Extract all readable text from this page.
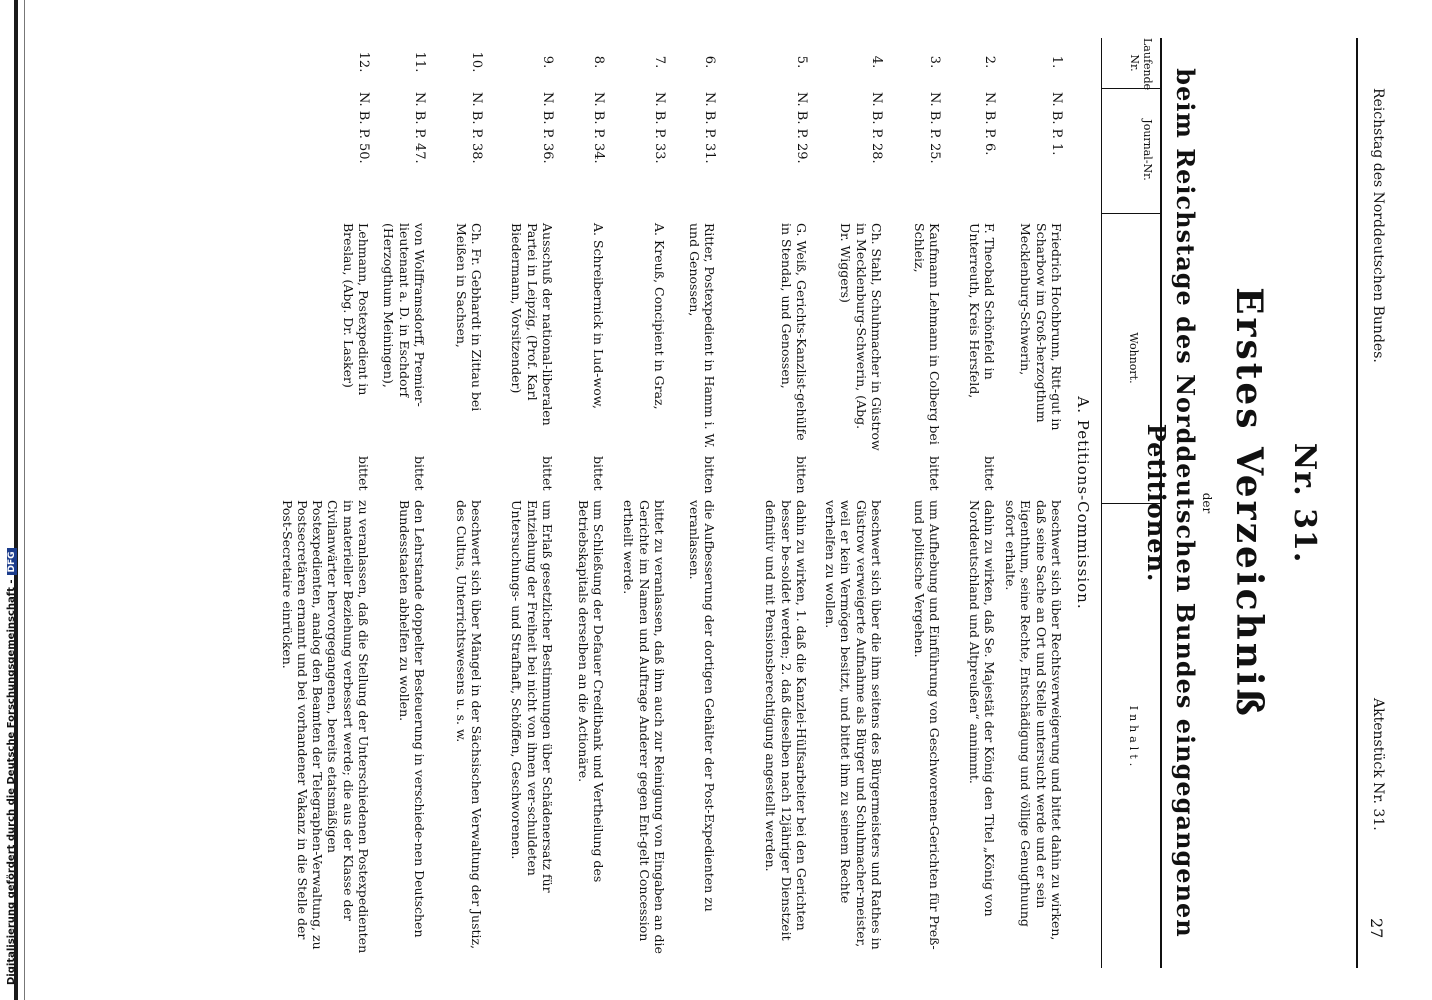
Digitalisierung gefördert durch die Deutsche Forschungsgemeinschaft -DFG
Reichstag des Norddeutschen Bundes.
Aktenstück Nr. 31.
27
Nr. 31.
Erstes Verzeichniß
der
beim Reichstage des Norddeutschen Bundes eingegangenen Petitionen.
Laufende Nr.
Journal-Nr.
Wohnort.
Inhalt.
A. Petitions-Commission.
1.
N. B. P. 1.
Friedrich Hochbrunn, Ritt-gut in Scharbow im Groß-herzogthum Mecklenburg-Schwerin,
beschwert sich über Rechtsverweigerung und bittet dahin zu wirken, daß seine Sache an Ort und Stelle untersucht werde und er sein Eigenthum, seine Rechte, Entschädigung und völlige Genugthuung sofort erhalte.
2.
N. B. P. 6.
F. Theobald Schönfeld in Unterreuth, Kreis Hersfeld,
bittet
dahin zu wirken, daß Se. Majestät der König den Titel „König von Norddeutschland und Altpreußen“ annimmt.
3.
N. B. P. 25.
Kaufmann Lehmann in Colberg bei Schleiz,
bittet
um Aufhebung und Einführung von Geschworenen-Gerichten für Preß- und politische Vergehen.
4.
N. B. P. 28.
Ch. Stahl, Schuhmacher in Güstrow in Mecklenburg-Schwerin, (Abg. Dr. Wiggers)
beschwert sich über die ihm seitens des Bürgermeisters und Rathes in Güstrow verweigerte Aufnahme als Bürger und Schuhmacher-meister, weil er kein Vermögen besitzt, und bittet ihm zu seinem Rechte verhelfen zu wollen.
5.
N. B. P. 29.
G. Weiß, Gerichts-Kanzlist-gehülfe in Stendal, und Genossen,
bitten
dahin zu wirken, 1. daß die Kanzlei-Hülfsarbeiter bei den Gerichten besser be-soldet werden; 2. daß dieselben nach 12jähriger Dienstzeit definitiv und mit Pensionsberechtigung angestellt werden.
6.
N. B. P. 31.
Ritter, Postexpedient in Hamm i. W. und Genossen,
bitten
die Aufbesserung der dortigen Gehälter der Post-Expedienten zu veranlassen.
7.
N. B. P. 33.
A. Kreuß, Concipient in Graz,
bittet zu veranlassen, daß ihm auch zur Reinigung von Eingaben an die Gerichte im Namen und Auftrage Anderer gegen Ent-gelt Concession ertheilt werde.
8.
N. B. P. 34.
A. Schreibernick in Lud-wow,
bittet
um Schließung der Defauer Creditbank und Vertheilung des Betriebskapitals derselben an die Actionäre.
9.
N. B. P. 36.
Ausschuß der national-liberalen Partei in Leipzig, (Prof. Karl Biedermann, Vorsitzender)
bittet
um Erlaß gesetzlicher Bestimmungen über Schädenersatz für Entziehung der Freiheit bei nicht von ihnen ver-schuldeten Untersuchungs- und Strafhaft, Schöffen, Geschworenen.
10.
N. B. P. 38.
Ch. Fr. Gebhardt in Zittau bei Meißen in Sachsen,
beschwert sich über Mängel in der Sächsischen Verwaltung der Justiz, des Cultus, Unterrichtswesens u. s. w.
11.
N. B. P. 47.
von Wolfframsdorff, Premier-lieutenant a. D. in Eschdorf (Herzogthum Meiningen),
bittet
den Lehrstande doppelter Besteuerung in verschiede-nen Deutschen Bundesstaaten abhelfen zu wollen.
12.
N. B. P. 50.
Lehmann, Postexpedient in Breslau, (Abg. Dr. Lasker)
bittet
zu veranlassen, daß die Stellung der Unterschiedenen Postexpedienten in materieller Beziehung verbessert werde; die aus der Klasse der Civilanwärter hervorgegangenen, bereits etatsmäßigen Postexpedienten, analog den Beamten der Telegraphen-Verwaltung, zu Postsecretären ernannt und bei vorhandener Vakanz in die Stelle der Post-Secretaire einrücken.
